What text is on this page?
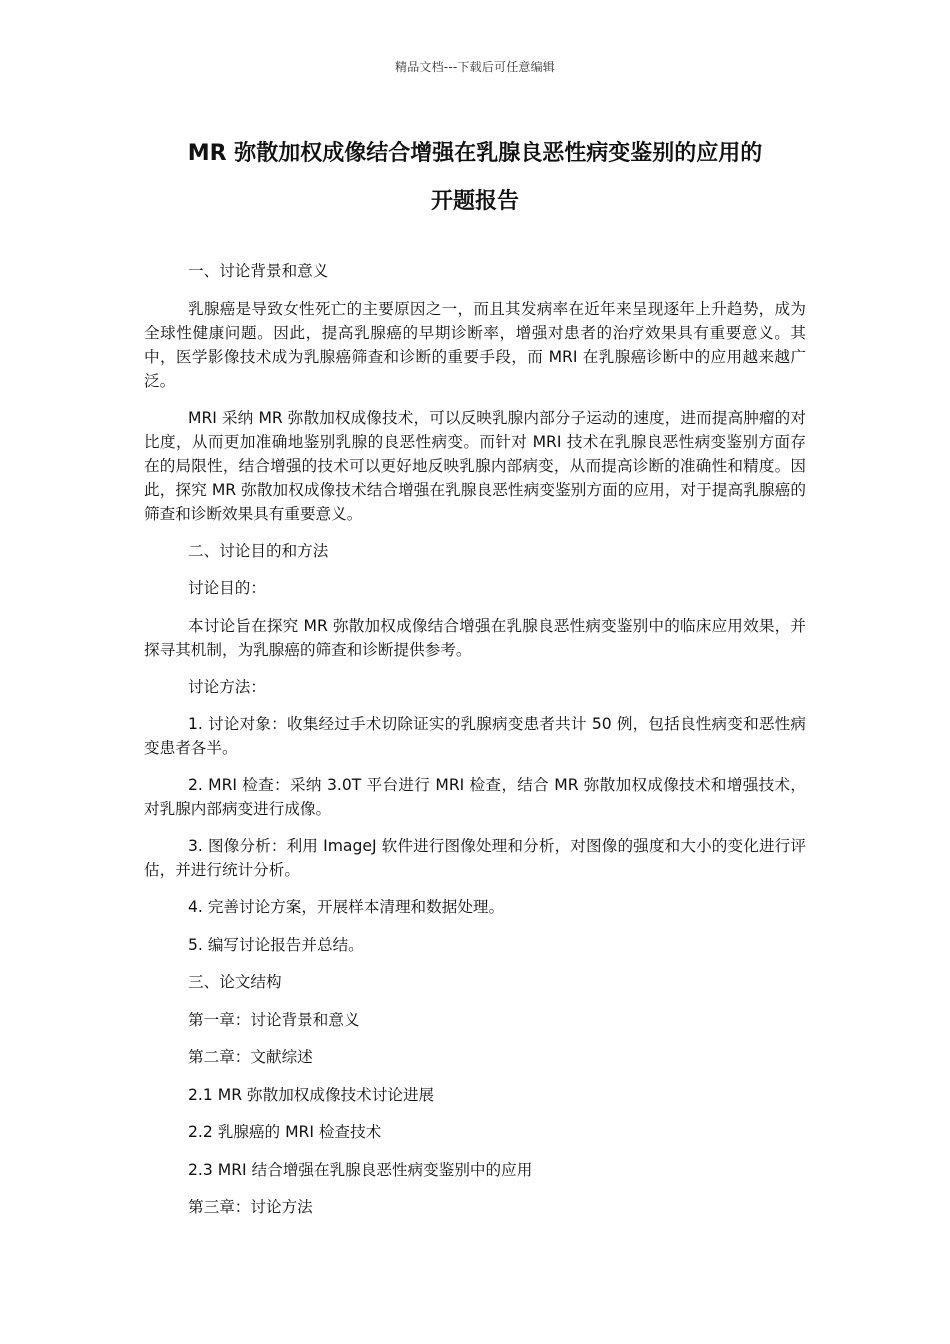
精品文档---下载后可任意编辑
MR 弥散加权成像结合增强在乳腺良恶性病变鉴别的应用的
开题报告

一、讨论背景和意义

乳腺癌是导致女性死亡的主要原因之一，而且其发病率在近年来呈现逐年上升趋势，成为全球性健康问题。因此，提高乳腺癌的早期诊断率，增强对患者的治疗效果具有重要意义。其中，医学影像技术成为乳腺癌筛查和诊断的重要手段，而 MRI 在乳腺癌诊断中的应用越来越广泛。

MRI 采纳 MR 弥散加权成像技术，可以反映乳腺内部分子运动的速度，进而提高肿瘤的对比度，从而更加准确地鉴别乳腺的良恶性病变。而针对 MRI 技术在乳腺良恶性病变鉴别方面存在的局限性，结合增强的技术可以更好地反映乳腺内部病变，从而提高诊断的准确性和精度。因此，探究 MR 弥散加权成像技术结合增强在乳腺良恶性病变鉴别方面的应用，对于提高乳腺癌的筛查和诊断效果具有重要意义。

二、讨论目的和方法

讨论目的：

本讨论旨在探究 MR 弥散加权成像结合增强在乳腺良恶性病变鉴别中的临床应用效果，并探寻其机制，为乳腺癌的筛查和诊断提供参考。

讨论方法：

1. 讨论对象：收集经过手术切除证实的乳腺病变患者共计 50 例，包括良性病变和恶性病变患者各半。

2. MRI 检查：采纳 3.0T 平台进行 MRI 检查，结合 MR 弥散加权成像技术和增强技术，对乳腺内部病变进行成像。

3. 图像分析：利用 ImageJ 软件进行图像处理和分析，对图像的强度和大小的变化进行评估，并进行统计分析。

4. 完善讨论方案，开展样本清理和数据处理。

5. 编写讨论报告并总结。

三、论文结构

第一章：讨论背景和意义

第二章：文献综述

2.1 MR 弥散加权成像技术讨论进展

2.2 乳腺癌的 MRI 检查技术

2.3 MRI 结合增强在乳腺良恶性病变鉴别中的应用

第三章：讨论方法
